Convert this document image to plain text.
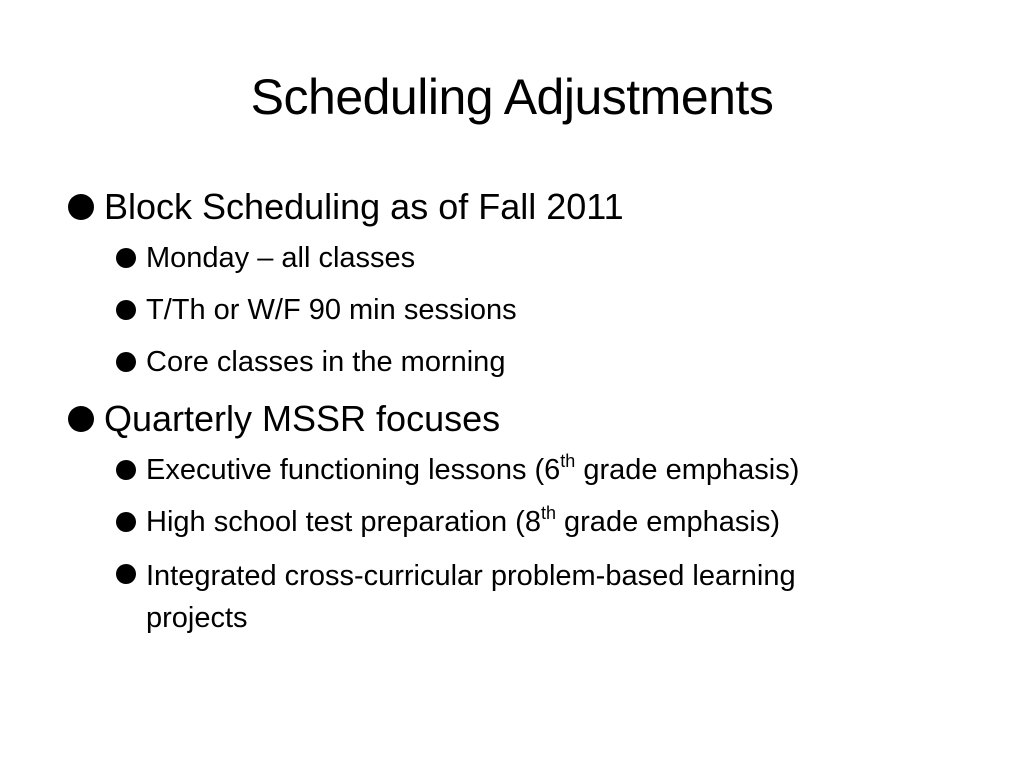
Scheduling Adjustments
Block Scheduling as of Fall 2011
Monday – all classes
T/Th or W/F 90 min sessions
Core classes in the morning
Quarterly MSSR focuses
Executive functioning lessons (6th grade emphasis)
High school test preparation (8th grade emphasis)
Integrated cross-curricular problem-based learning projects
